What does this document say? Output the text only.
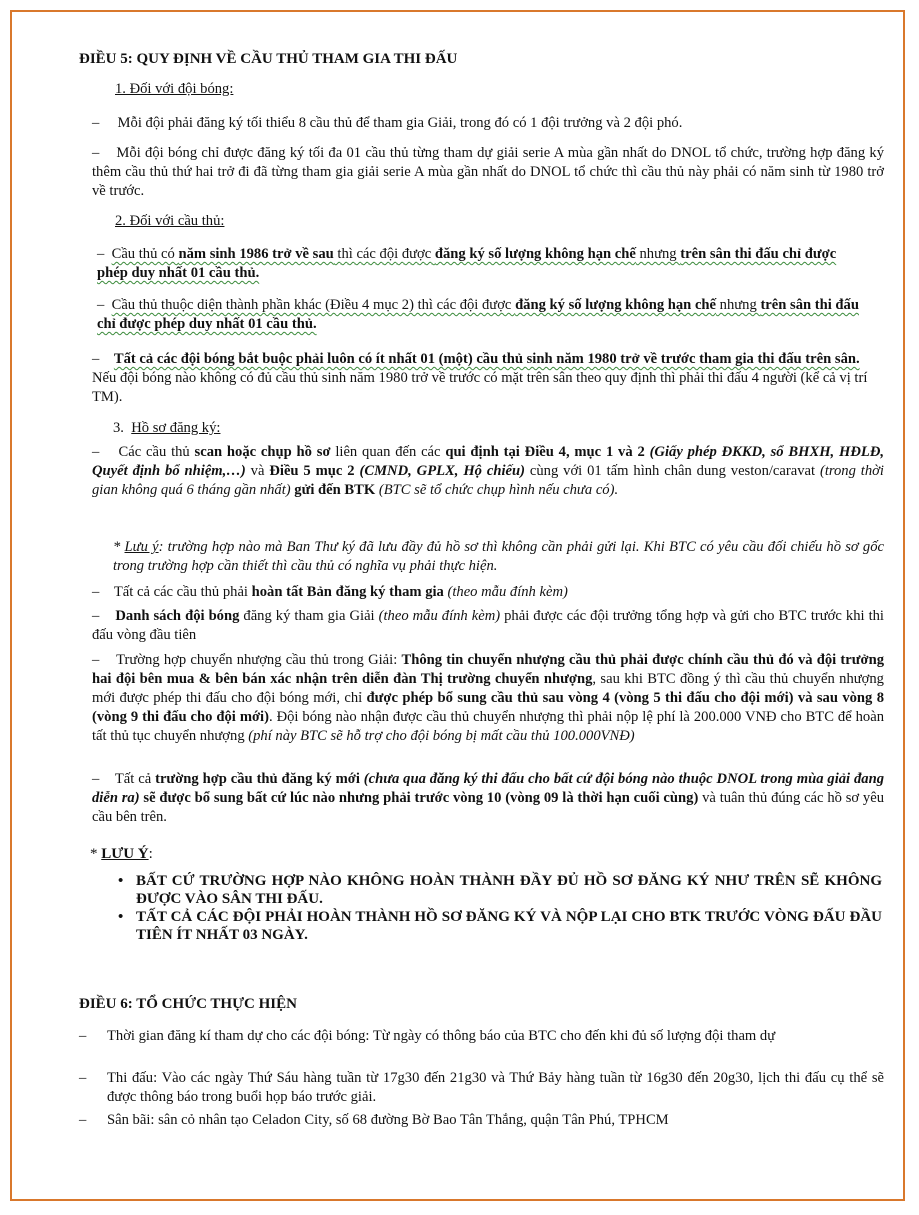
ĐIỀU 5: QUY ĐỊNH VỀ CẦU THỦ THAM GIA THI ĐẤU
1. Đối với đội bóng:
– Mỗi đội phải đăng ký tối thiểu 8 cầu thủ để tham gia Giải, trong đó có 1 đội trưởng và 2 đội phó.
– Mỗi đội bóng chỉ được đăng ký tối đa 01 cầu thủ từng tham dự giải serie A mùa gần nhất do DNOL tổ chức, trường hợp đăng ký thêm cầu thủ thứ hai trở đi đã từng tham gia giải serie A mùa gần nhất do DNOL tổ chức thì cầu thủ này phải có năm sinh từ 1980 trở về trước.
2. Đối với cầu thủ:
– Cầu thủ có năm sinh 1986 trở về sau thì các đội được đăng ký số lượng không hạn chế nhưng trên sân thi đấu chỉ được phép duy nhất 01 cầu thủ.
– Cầu thủ thuộc diện thành phần khác (Điều 4 mục 2) thì các đội được đăng ký số lượng không hạn chế nhưng trên sân thi đấu chỉ được phép duy nhất 01 cầu thủ.
– Tất cả các đội bóng bắt buộc phải luôn có ít nhất 01 (một) cầu thủ sinh năm 1980 trở về trước tham gia thi đấu trên sân. Nếu đội bóng nào không có đủ cầu thủ sinh năm 1980 trở về trước có mặt trên sân theo quy định thì phải thi đấu 4 người (kể cả vị trí TM).
3.  Hồ sơ đăng ký:
– Các cầu thủ scan hoặc chụp hồ sơ liên quan đến các qui định tại Điều 4, mục 1 và 2 (Giấy phép ĐKKD, sổ BHXH, HĐLĐ, Quyết định bổ nhiệm,…) và Điều 5 mục 2 (CMND, GPLX, Hộ chiếu) cùng với 01 tấm hình chân dung veston/caravat (trong thời gian không quá 6 tháng gần nhất) gửi đến BTK (BTC sẽ tổ chức chụp hình nếu chưa có).
* Lưu ý: trường hợp nào mà Ban Thư ký đã lưu đầy đủ hồ sơ thì không cần phải gửi lại. Khi BTC có yêu cầu đối chiếu hồ sơ gốc trong trường hợp cần thiết thì cầu thủ có nghĩa vụ phải thực hiện.
– Tất cả các cầu thủ phải hoàn tất Bản đăng ký tham gia (theo mẫu đính kèm)
– Danh sách đội bóng đăng ký tham gia Giải (theo mẫu đính kèm) phải được các đội trưởng tổng hợp và gửi cho BTC trước khi thi đấu vòng đầu tiên
– Trường hợp chuyển nhượng cầu thủ trong Giải: Thông tin chuyển nhượng cầu thủ phải được chính cầu thủ đó và đội trưởng hai đội bên mua & bên bán xác nhận trên diễn đàn Thị trường chuyển nhượng, sau khi BTC đồng ý thì cầu thủ chuyển nhượng mới được phép thi đấu cho đội bóng mới, chỉ được phép bổ sung cầu thủ sau vòng 4 (vòng 5 thi đấu cho đội mới) và sau vòng 8 (vòng 9 thi đấu cho đội mới). Đội bóng nào nhận được cầu thủ chuyển nhượng thì phải nộp lệ phí là 200.000 VNĐ cho BTC để hoàn tất thủ tục chuyển nhượng (phí này BTC sẽ hỗ trợ cho đội bóng bị mất cầu thủ 100.000VNĐ)
– Tất cả trường hợp cầu thủ đăng ký mới (chưa qua đăng ký thi đấu cho bất cứ đội bóng nào thuộc DNOL trong mùa giải đang diễn ra) sẽ được bổ sung bất cứ lúc nào nhưng phải trước vòng 10 (vòng 09 là thời hạn cuối cùng) và tuân thủ đúng các hồ sơ yêu cầu bên trên.
* LƯU Ý:
• BẤT CỨ TRƯỜNG HỢP NÀO KHÔNG HOÀN THÀNH ĐẦY ĐỦ HỒ SƠ ĐĂNG KÝ NHƯ TRÊN SẼ KHÔNG ĐƯỢC VÀO SÂN THI ĐẤU.
• TẤT CẢ CÁC ĐỘI PHẢI HOÀN THÀNH HỒ SƠ ĐĂNG KÝ VÀ NỘP LẠI CHO BTK TRƯỚC VÒNG ĐẤU ĐẦU TIÊN ÍT NHẤT 03 NGÀY.
ĐIỀU 6: TỔ CHỨC THỰC HIỆN
– Thời gian đăng kí tham dự cho các đội bóng: Từ ngày có thông báo của BTC cho đến khi đủ số lượng đội tham dự
– Thi đấu: Vào các ngày Thứ Sáu hàng tuần từ 17g30 đến 21g30 và Thứ Bảy hàng tuần từ 16g30 đến 20g30, lịch thi đấu cụ thể sẽ được thông báo trong buổi họp báo trước giải.
– Sân bãi: sân cỏ nhân tạo Celadon City, số 68 đường Bờ Bao Tân Thắng, quận Tân Phú, TPHCM
